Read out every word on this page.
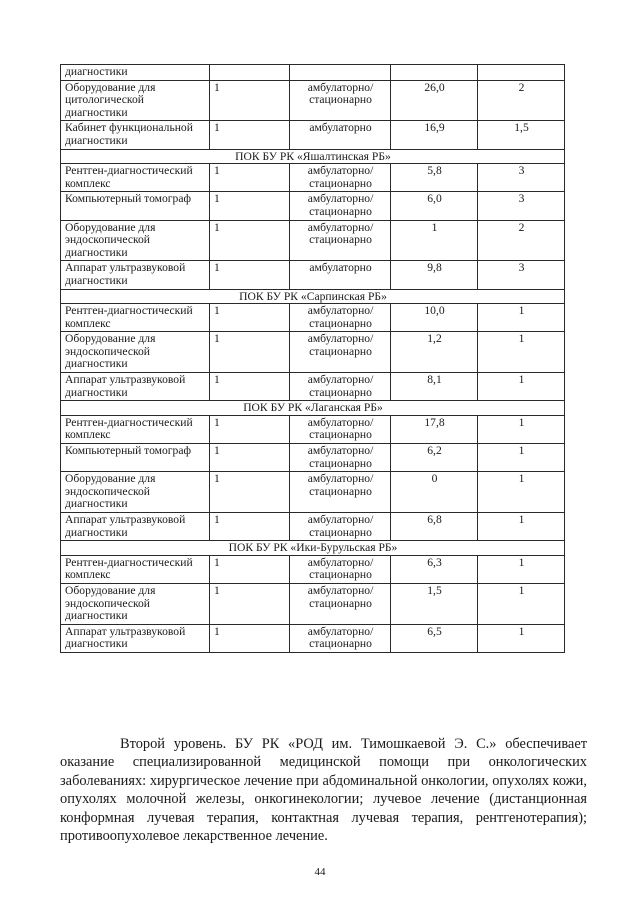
диагностики				
Оборудование для цитологической диагностики	1	амбулаторно/ стационарно	26,0	2
Кабинет функциональной диагностики	1	амбулаторно	16,9	1,5
ПОК БУ РК «Яшалтинская РБ»				
Рентген-диагностический комплекс	1	амбулаторно/ стационарно	5,8	3
Компьютерный томограф	1	амбулаторно/ стационарно	6,0	3
Оборудование для эндоскопической диагностики	1	амбулаторно/ стационарно	1	2
Аппарат ультразвуковой диагностики	1	амбулаторно	9,8	3
ПОК БУ РК «Сарпинская РБ»				
Рентген-диагностический комплекс	1	амбулаторно/ стационарно	10,0	1
Оборудование для эндоскопической диагностики	1	амбулаторно/ стационарно	1,2	1
Аппарат ультразвуковой диагностики	1	амбулаторно/ стационарно	8,1	1
ПОК БУ РК «Лаганская РБ»				
Рентген-диагностический комплекс	1	амбулаторно/ стационарно	17,8	1
Компьютерный томограф	1	амбулаторно/ стационарно	6,2	1
Оборудование для эндоскопической диагностики	1	амбулаторно/ стационарно	0	1
Аппарат ультразвуковой диагностики	1	амбулаторно/ стационарно	6,8	1
ПОК БУ РК «Ики-Бурульская РБ»				
Рентген-диагностический комплекс	1	амбулаторно/ стационарно	6,3	1
Оборудование для эндоскопической диагностики	1	амбулаторно/ стационарно	1,5	1
Аппарат ультразвуковой диагностики	1	амбулаторно/ стационарно	6,5	1

Второй уровень. БУ РК «РОД им. Тимошкаевой Э. С.» обеспечивает оказание специализированной медицинской помощи при онкологических заболеваниях: хирургическое лечение при абдоминальной онкологии, опухолях кожи, опухолях молочной железы, онкогинекологии; лучевое лечение (дистанционная конформная лучевая терапия, контактная лучевая терапия, рентгенотерапия); противоопухолевое лекарственное лечение.

44
